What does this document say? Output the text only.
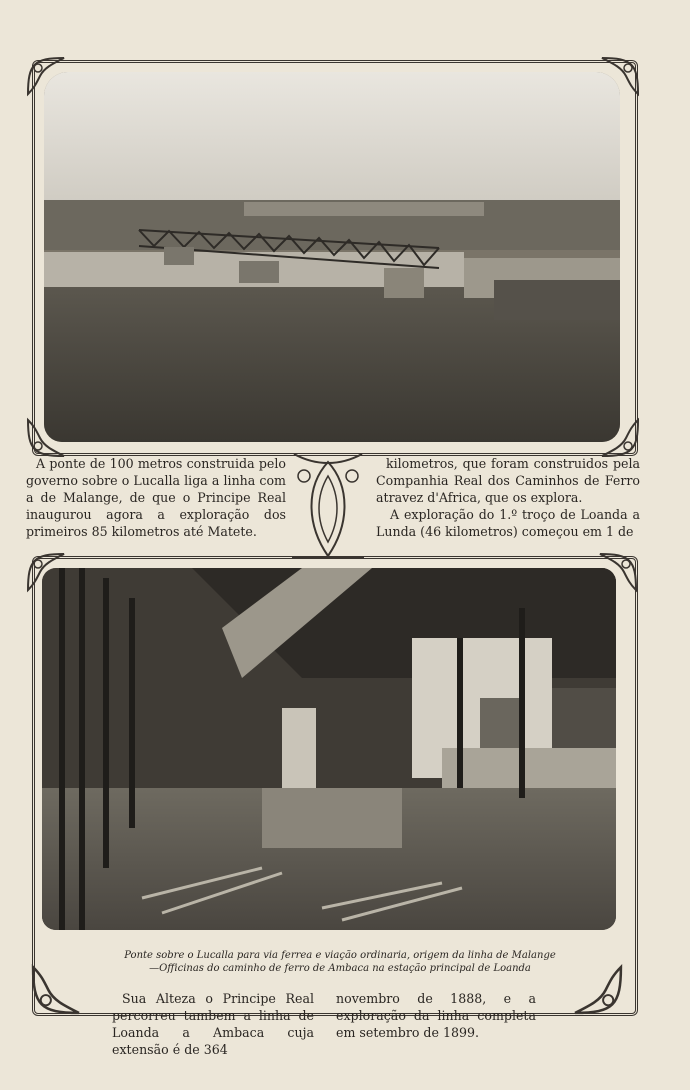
A ponte de 100 metros construida pelo governo sobre o Lucalla liga a linha com a de Malange, de que o Principe Real inaugurou agora a exploração dos primeiros 85 kilometros até Matete.

kilometros, que foram construidos pela Companhia Real dos Caminhos de Ferro atravez d'Africa, que os explora.
A exploração do 1.º troço de Loanda a Lunda (46 kilometros) começou em 1 de

Ponte sobre o Lucalla para via ferrea e viação ordinaria, origem da linha de Malange—Officinas do caminho de ferro de Ambaca na estação principal de Loanda

Sua Alteza o Principe Real percorreu tambem a linha de Loanda a Ambaca cuja extensão é de 364

novembro de 1888, e a exploração da linha completa em setembro de 1899.
